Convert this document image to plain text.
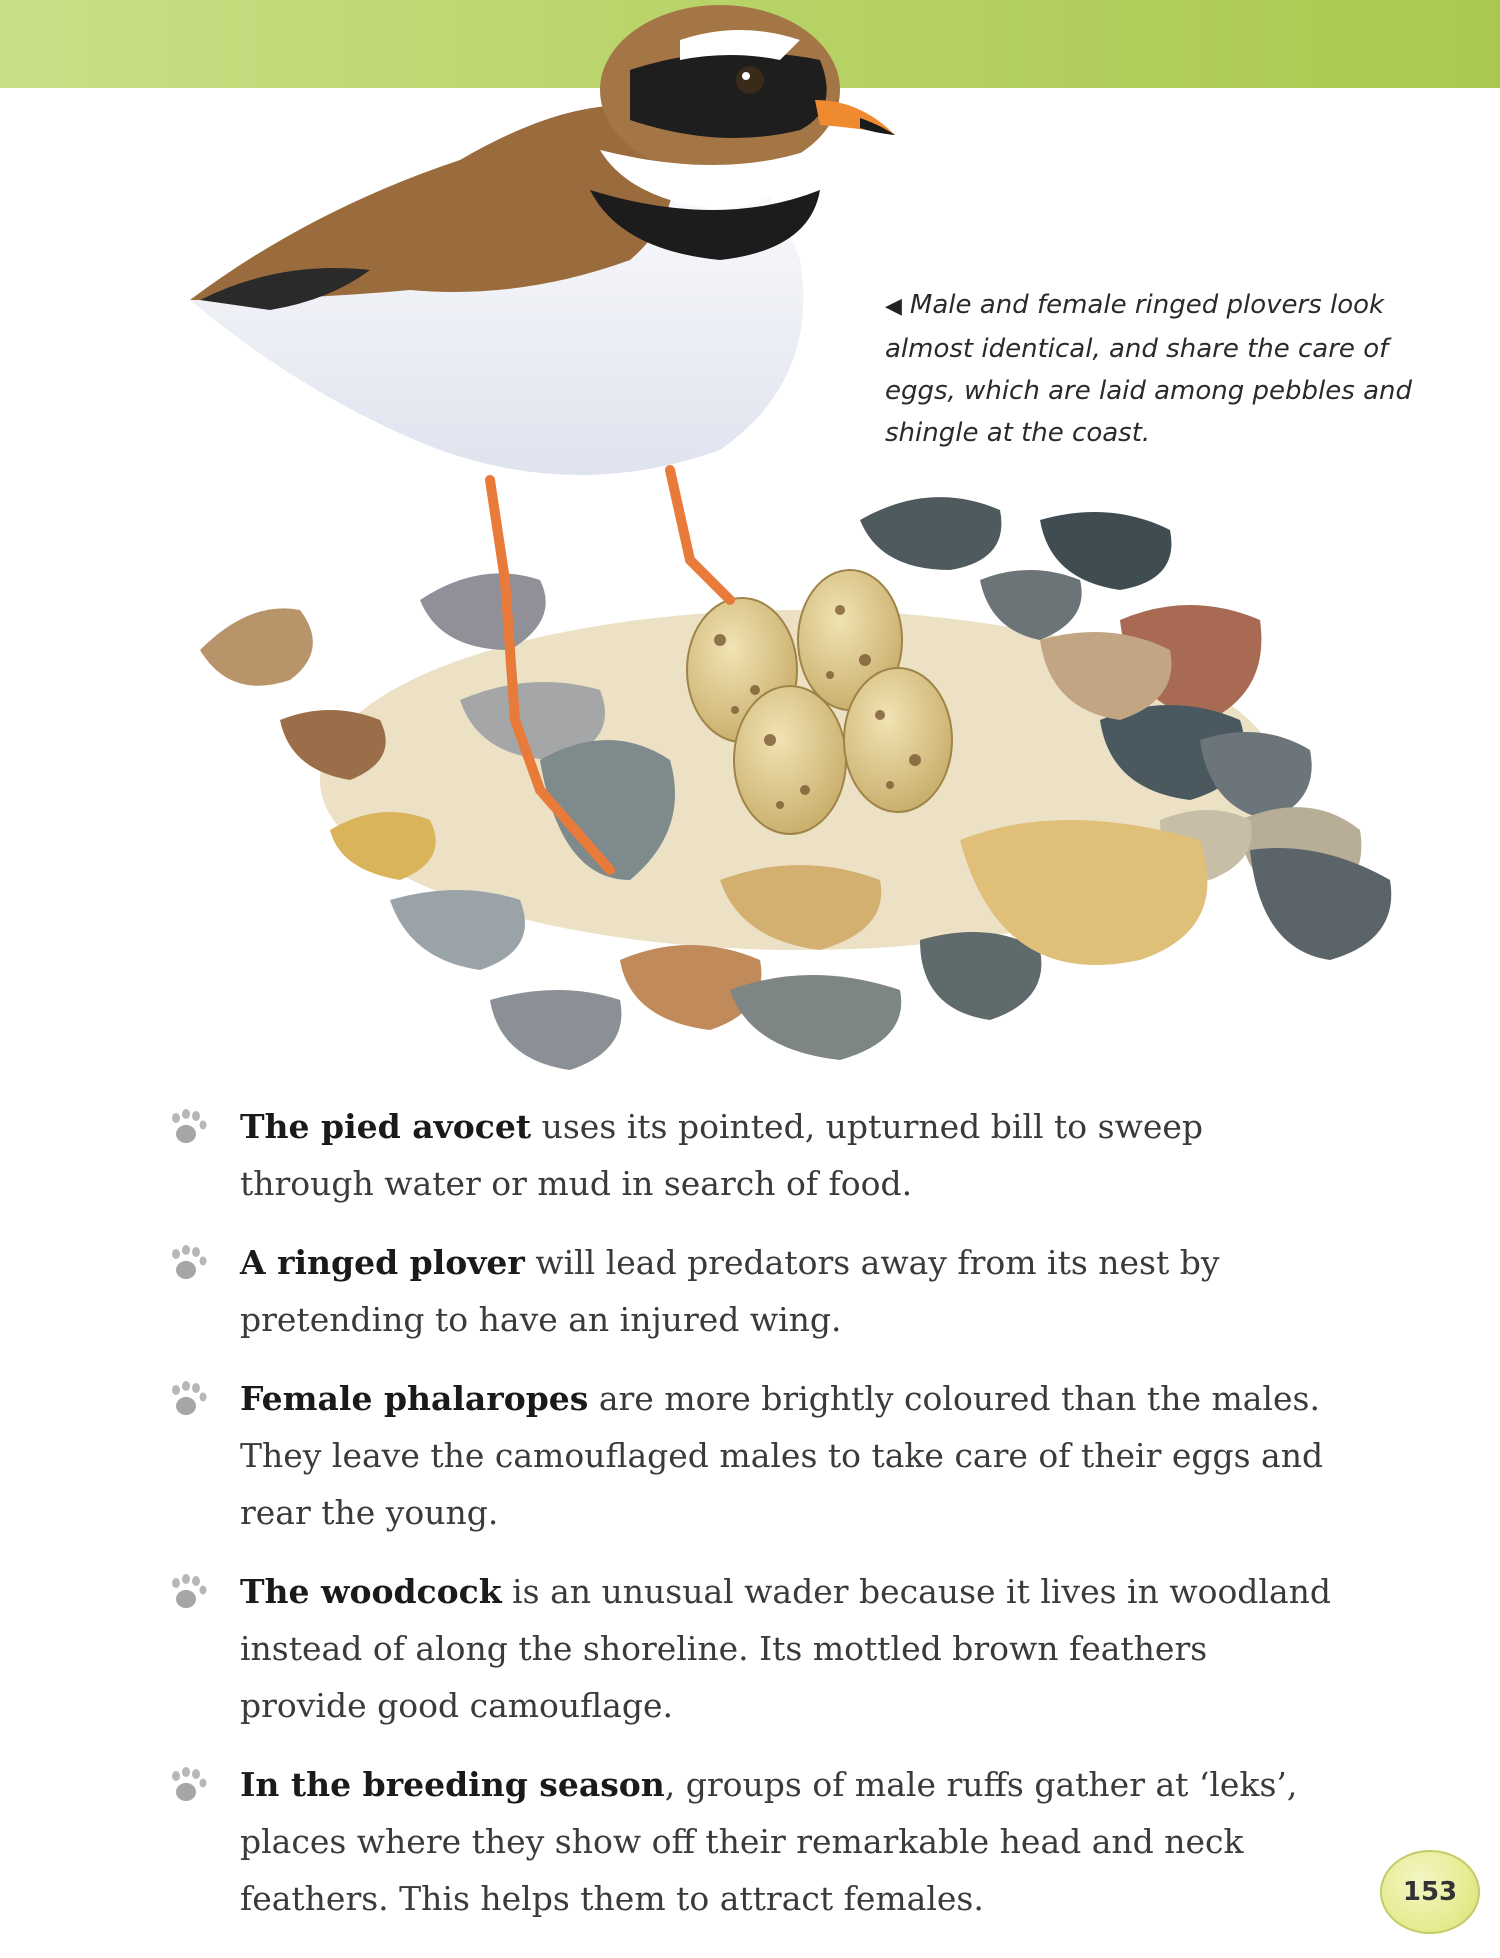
◀ Male and female ringed plovers look almost identical, and share the care of eggs, which are laid among pebbles and shingle at the coast.

The pied avocet uses its pointed, upturned bill to sweep through water or mud in search of food.

A ringed plover will lead predators away from its nest by pretending to have an injured wing.

Female phalaropes are more brightly coloured than the males. They leave the camouflaged males to take care of their eggs and rear the young.

The woodcock is an unusual wader because it lives in woodland instead of along the shoreline. Its mottled brown feathers provide good camouflage.

In the breeding season, groups of male ruffs gather at ‘leks’, places where they show off their remarkable head and neck feathers. This helps them to attract females.	153
